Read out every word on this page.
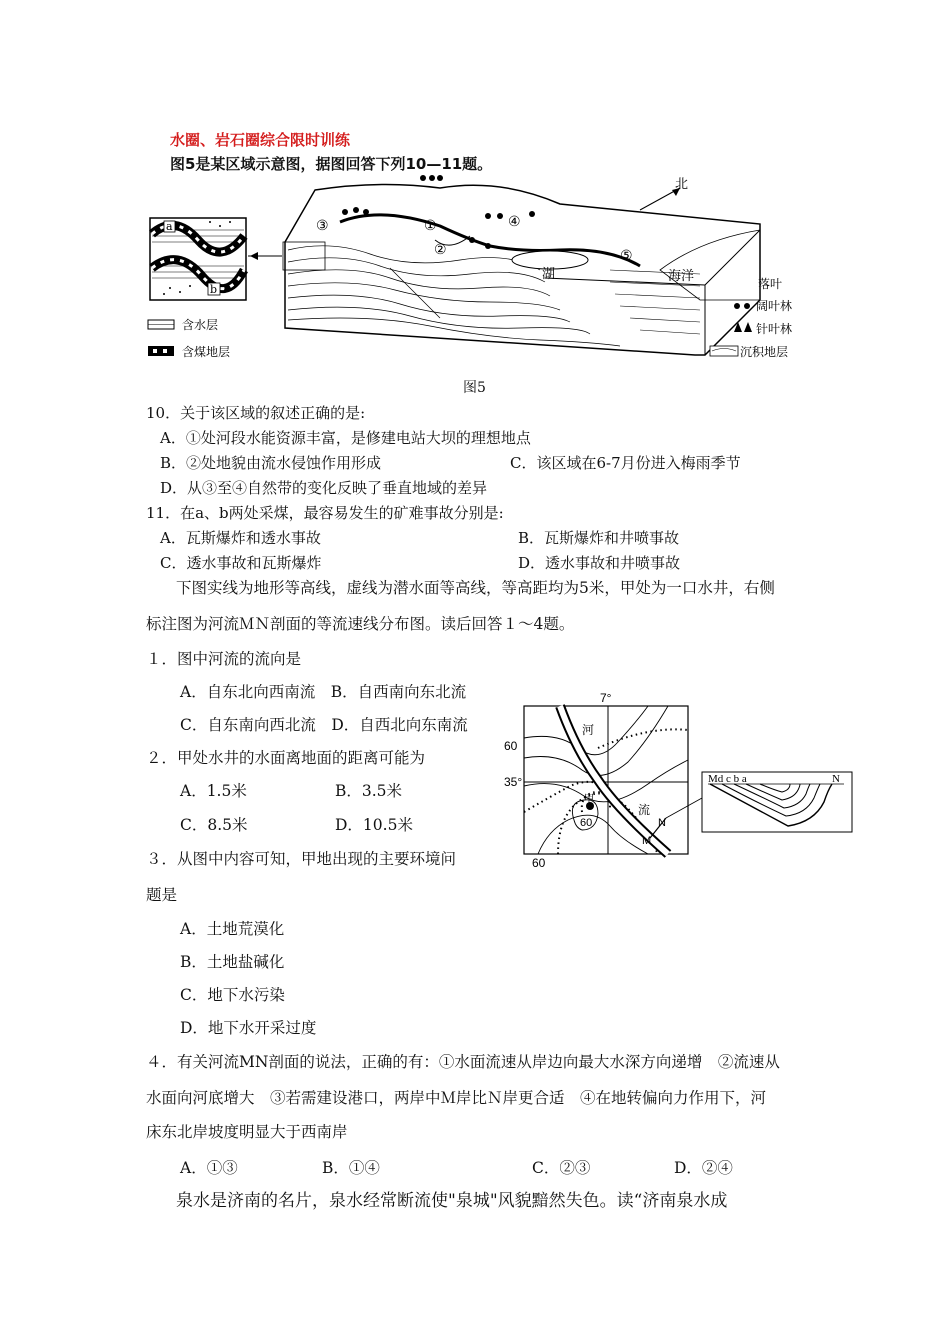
水圈、岩石圈综合限时训练
图5是某区域示意图，据图回答下列10—11题。
a
b
北
③	①
②
④
⑤
湖	海洋
含水层
含煤地层
落叶
阔叶林
针叶林
沉积地层
图5
10．关于该区域的叙述正确的是:
A．①处河段水能资源丰富，是修建电站大坝的理想地点
B．②处地貌由流水侵蚀作用形成	C．该区域在6-7月份进入梅雨季节
D．从③至④自然带的变化反映了垂直地域的差异
11．在a、b两处采煤，最容易发生的矿难事故分别是:
A．瓦斯爆炸和透水事故	B．瓦斯爆炸和井喷事故
C．透水事故和瓦斯爆炸	D．透水事故和井喷事故
下图实线为地形等高线，虚线为潜水面等高线，等高距均为5米，甲处为一口水井，右侧
标注图为河流ＭＮ剖面的等流速线分布图。读后回答１～4题。
１．图中河流的流向是
A．自东北向西南流　B．自西南向东北流
C．自东南向西北流　D．自西北向东南流
２．甲处水井的水面离地面的距离可能为
A．1.5米	B．3.5米
C．8.5米	D．10.5米
３．从图中内容可知，甲地出现的主要环境问
题是
A．土地荒漠化
B．土地盐碱化
C．地下水污染
D．地下水开采过度
４．有关河流MN剖面的说法，正确的有：①水面流速从岸边向最大水深方向递增　②流速从
水面向河底增大　③若需建设港口，两岸中Ｍ岸比Ｎ岸更合适　④在地转偏向力作用下，河
床东北岸坡度明显大于西南岸
A．①③	B．①④	C．②③	D．②④
泉水是济南的名片，泉水经常断流使"泉城"风貌黯然失色。读“济南泉水成
7°
35°
60
60
河
流
甲
60	N
M
Md c b a	N
